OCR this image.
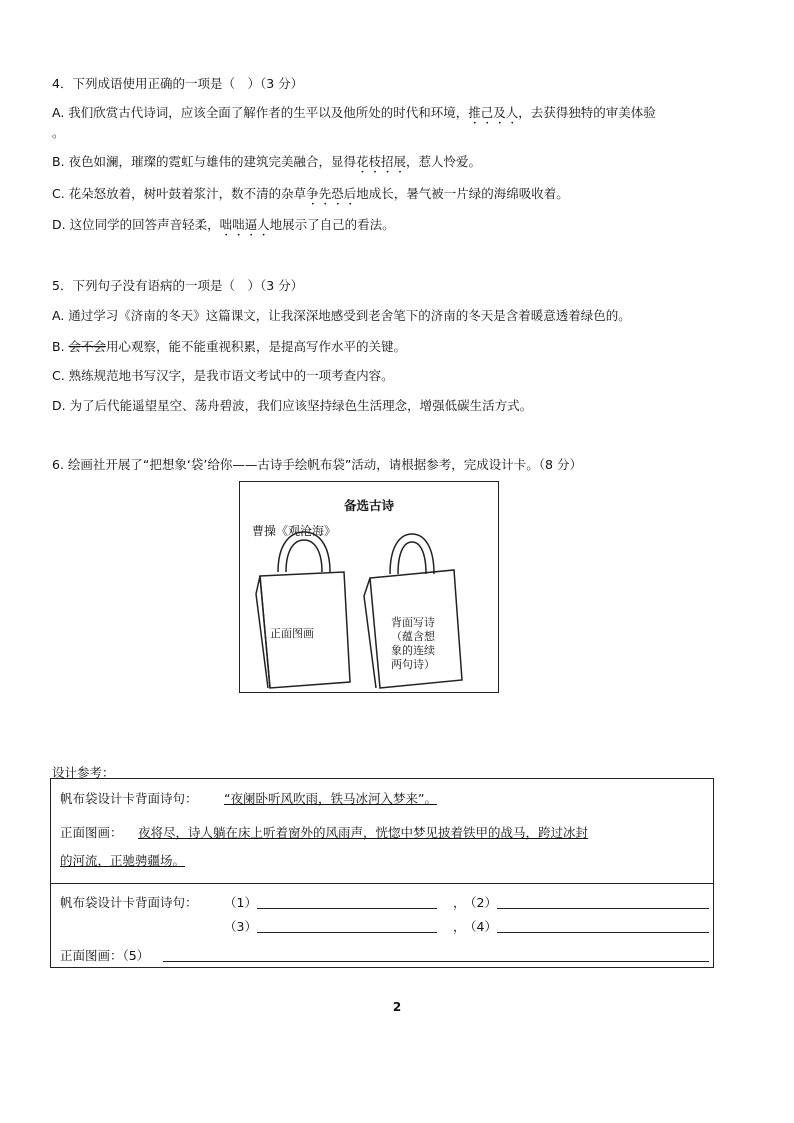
4．下列成语使用正确的一项是（　）（3 分）
A. 我们欣赏古代诗词，应该全面了解作者的生平以及他所处的时代和环境，推己及人，去获得独特的审美体验
。
B. 夜色如澜，璀璨的霓虹与雄伟的建筑完美融合，显得花枝招展，惹人怜爱。
C. 花朵怒放着，树叶鼓着浆汁，数不清的杂草争先恐后地成长，暑气被一片绿的海绵吸收着。
D. 这位同学的回答声音轻柔，咄咄逼人地展示了自己的看法。
5．下列句子没有语病的一项是（　）（3 分）
A. 通过学习《济南的冬天》这篇课文，让我深深地感受到老舍笔下的济南的冬天是含着暖意透着绿色的。
B. 会不会用心观察，能不能重视积累，是提高写作水平的关键。
C. 熟练规范地书写汉字，是我市语文考试中的一项考查内容。
D. 为了后代能遥望星空、荡舟碧波，我们应该坚持绿色生活理念，增强低碳生活方式。
6. 绘画社开展了“把想象‘袋’给你——古诗手绘帆布袋”活动，请根据参考，完成设计卡。（8 分）
备选古诗
曹操《观沧海》
正面图画
背面写诗
（蕴含想
象的连续
两句诗）
设计参考：
帆布袋设计卡背面诗句： “夜阑卧听风吹雨，铁马冰河入梦来”。
正面图画： 夜将尽，诗人躺在床上听着窗外的风雨声，恍惚中梦见披着铁甲的战马，跨过冰封
的河流，正驰骋疆场。
帆布袋设计卡背面诗句： （1）	，
（2）
（3）	，
（4）
正面图画：（5）
2
